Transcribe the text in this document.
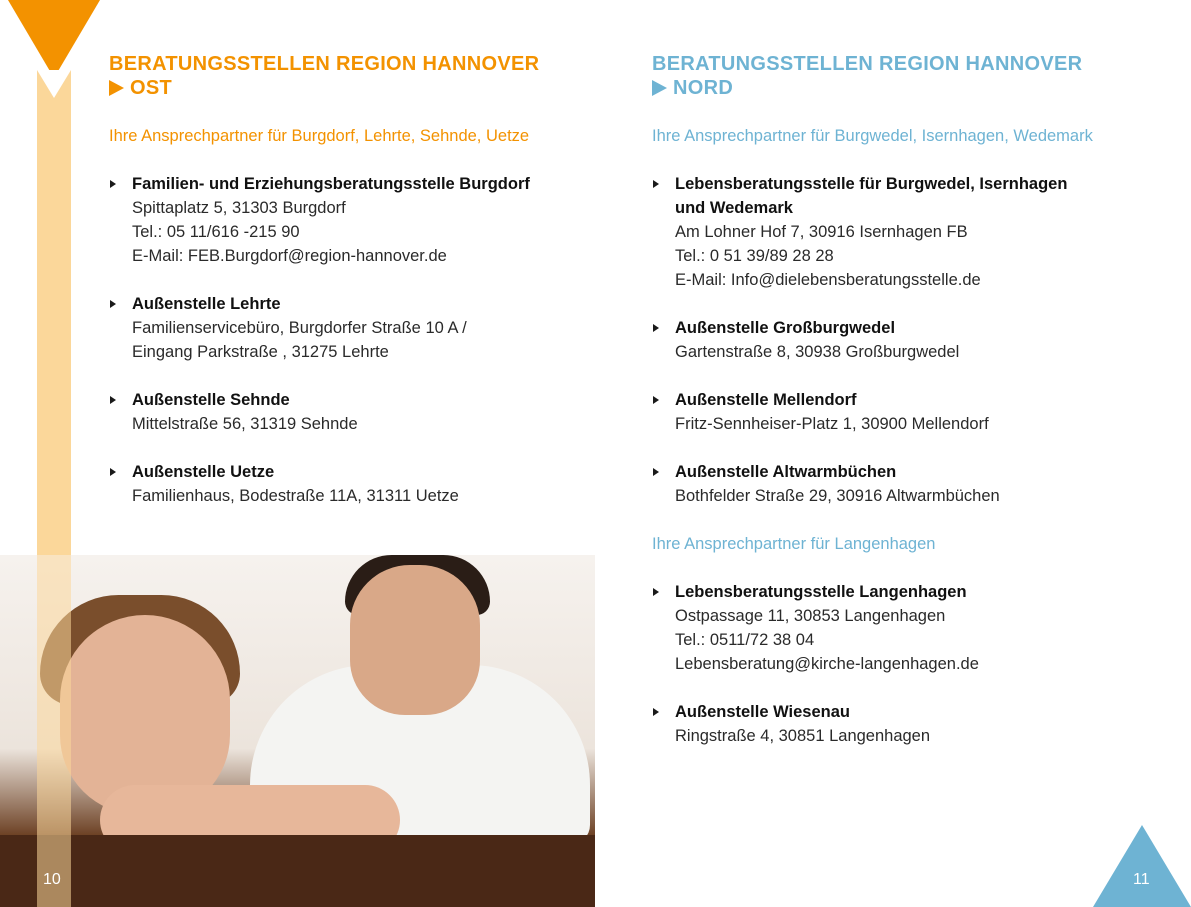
BERATUNGSSTELLEN REGION HANNOVER
OST

Ihre Ansprechpartner für Burgdorf, Lehrte, Sehnde, Uetze

Familien- und Erziehungsberatungsstelle Burgdorf
Spittaplatz 5, 31303 Burgdorf
Tel.: 05 11/616 -215 90
E-Mail: FEB.Burgdorf@region-hannover.de
Außenstelle Lehrte
Familienservicebüro, Burgdorfer Straße 10 A /
Eingang Parkstraße , 31275 Lehrte
Außenstelle Sehnde
Mittelstraße 56, 31319 Sehnde
Außenstelle Uetze
Familienhaus, Bodestraße 11A, 31311 Uetze
BERATUNGSSTELLEN REGION HANNOVER
NORD

Ihre Ansprechpartner für Burgwedel, Isernhagen, Wedemark

Lebensberatungsstelle für Burgwedel, Isernhagen
und Wedemark
Am Lohner Hof 7, 30916 Isernhagen FB
Tel.: 0 51 39/89 28 28
E-Mail: Info@dielebensberatungsstelle.de
Außenstelle Großburgwedel
Gartenstraße 8, 30938 Großburgwedel
Außenstelle Mellendorf
Fritz-Sennheiser-Platz 1, 30900 Mellendorf
Außenstelle Altwarmbüchen
Bothfelder Straße 29, 30916 Altwarmbüchen

Ihre Ansprechpartner für Langenhagen

Lebensberatungsstelle Langenhagen
Ostpassage 11, 30853 Langenhagen
Tel.: 0511/72 38 04
Lebensberatung@kirche-langenhagen.de
Außenstelle Wiesenau
Ringstraße 4, 30851 Langenhagen
10	11
